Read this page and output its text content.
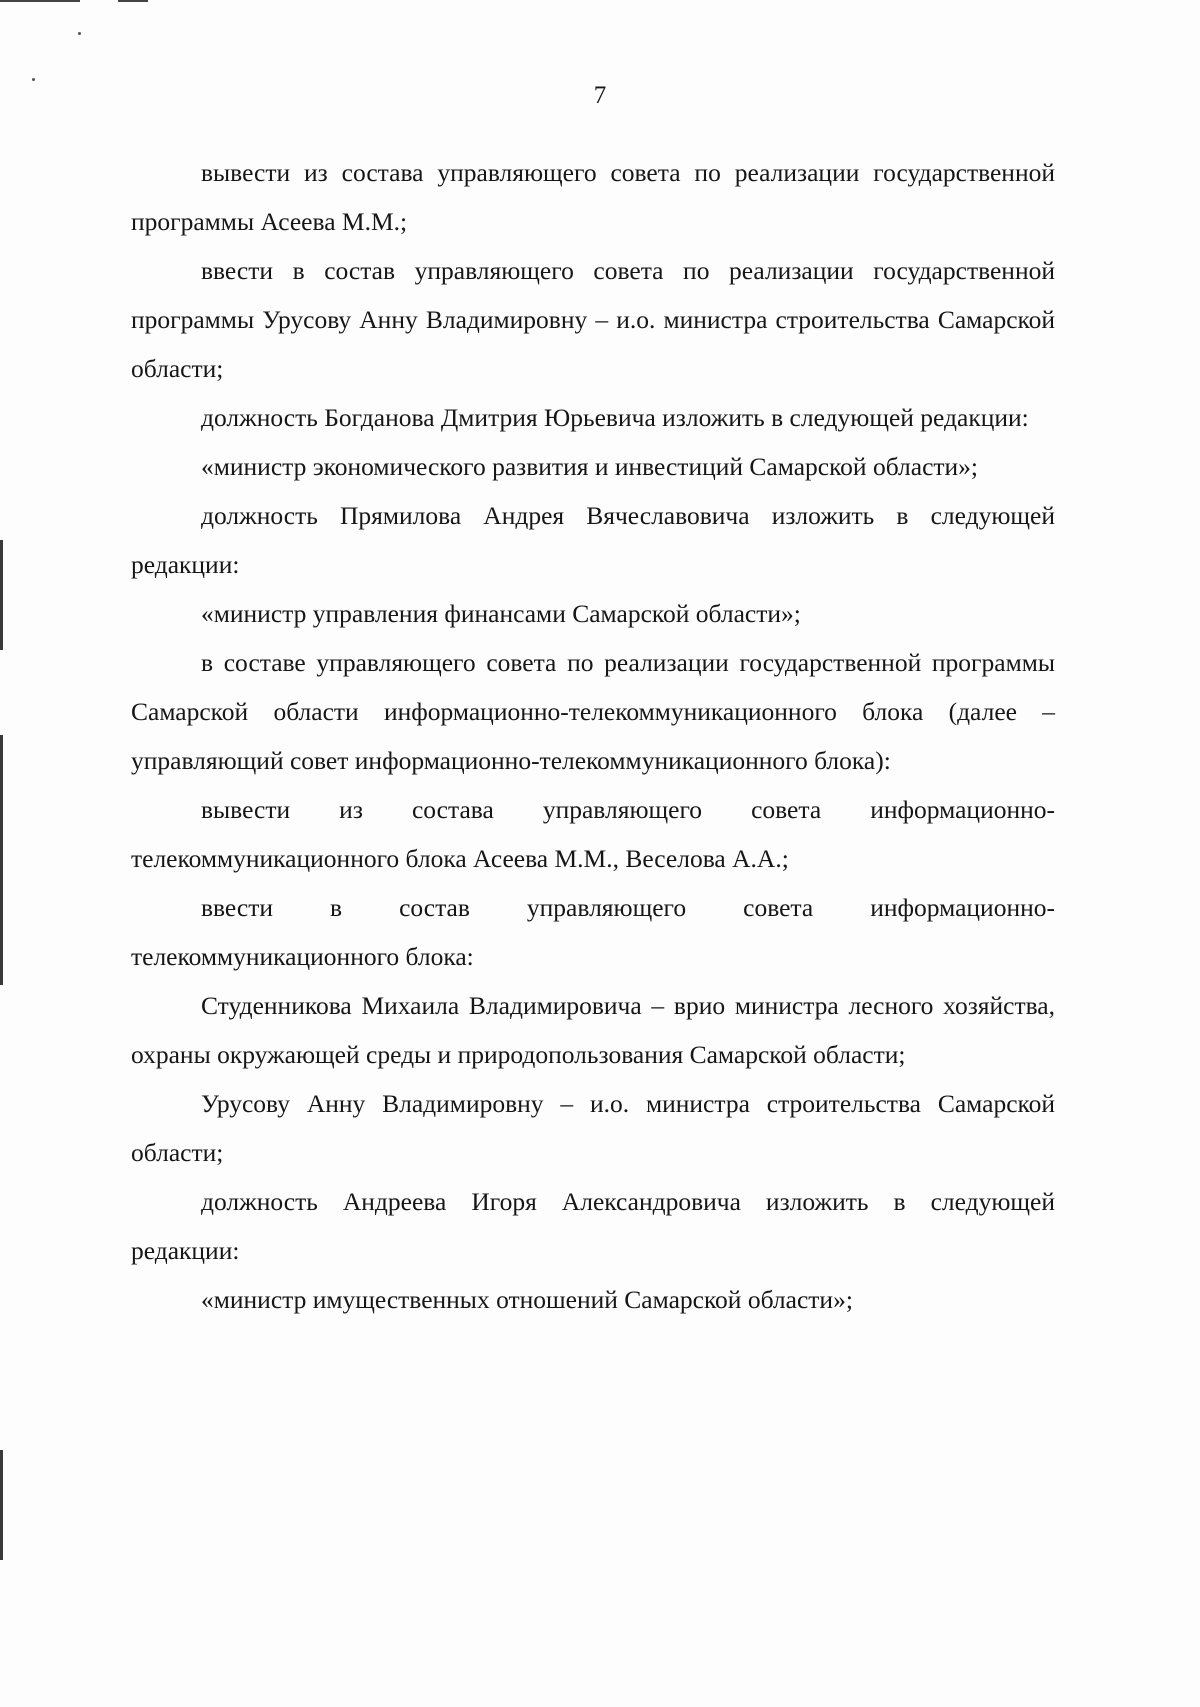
7

вывести из состава управляющего совета по реализации государственной программы Асеева М.М.;

ввести в состав управляющего совета по реализации государственной программы Урусову Анну Владимировну – и.о. министра строительства Самарской области;

должность Богданова Дмитрия Юрьевича изложить в следующей редакции:

«министр экономического развития и инвестиций Самарской области»;

должность Прямилова Андрея Вячеславовича изложить в следующей редакции:

«министр управления финансами Самарской области»;

в составе управляющего совета по реализации государственной программы Самарской области информационно-телекоммуникационного блока (далее – управляющий совет информационно-телекоммуникационного блока):

вывести из состава управляющего совета информационно-телекоммуникационного блока Асеева М.М., Веселова А.А.;

ввести в состав управляющего совета информационно-телекоммуникационного блока:

Студенникова Михаила Владимировича – врио министра лесного хозяйства, охраны окружающей среды и природопользования Самарской области;

Урусову Анну Владимировну – и.о. министра строительства Самарской области;

должность Андреева Игоря Александровича изложить в следующей редакции:

«министр имущественных отношений Самарской области»;
